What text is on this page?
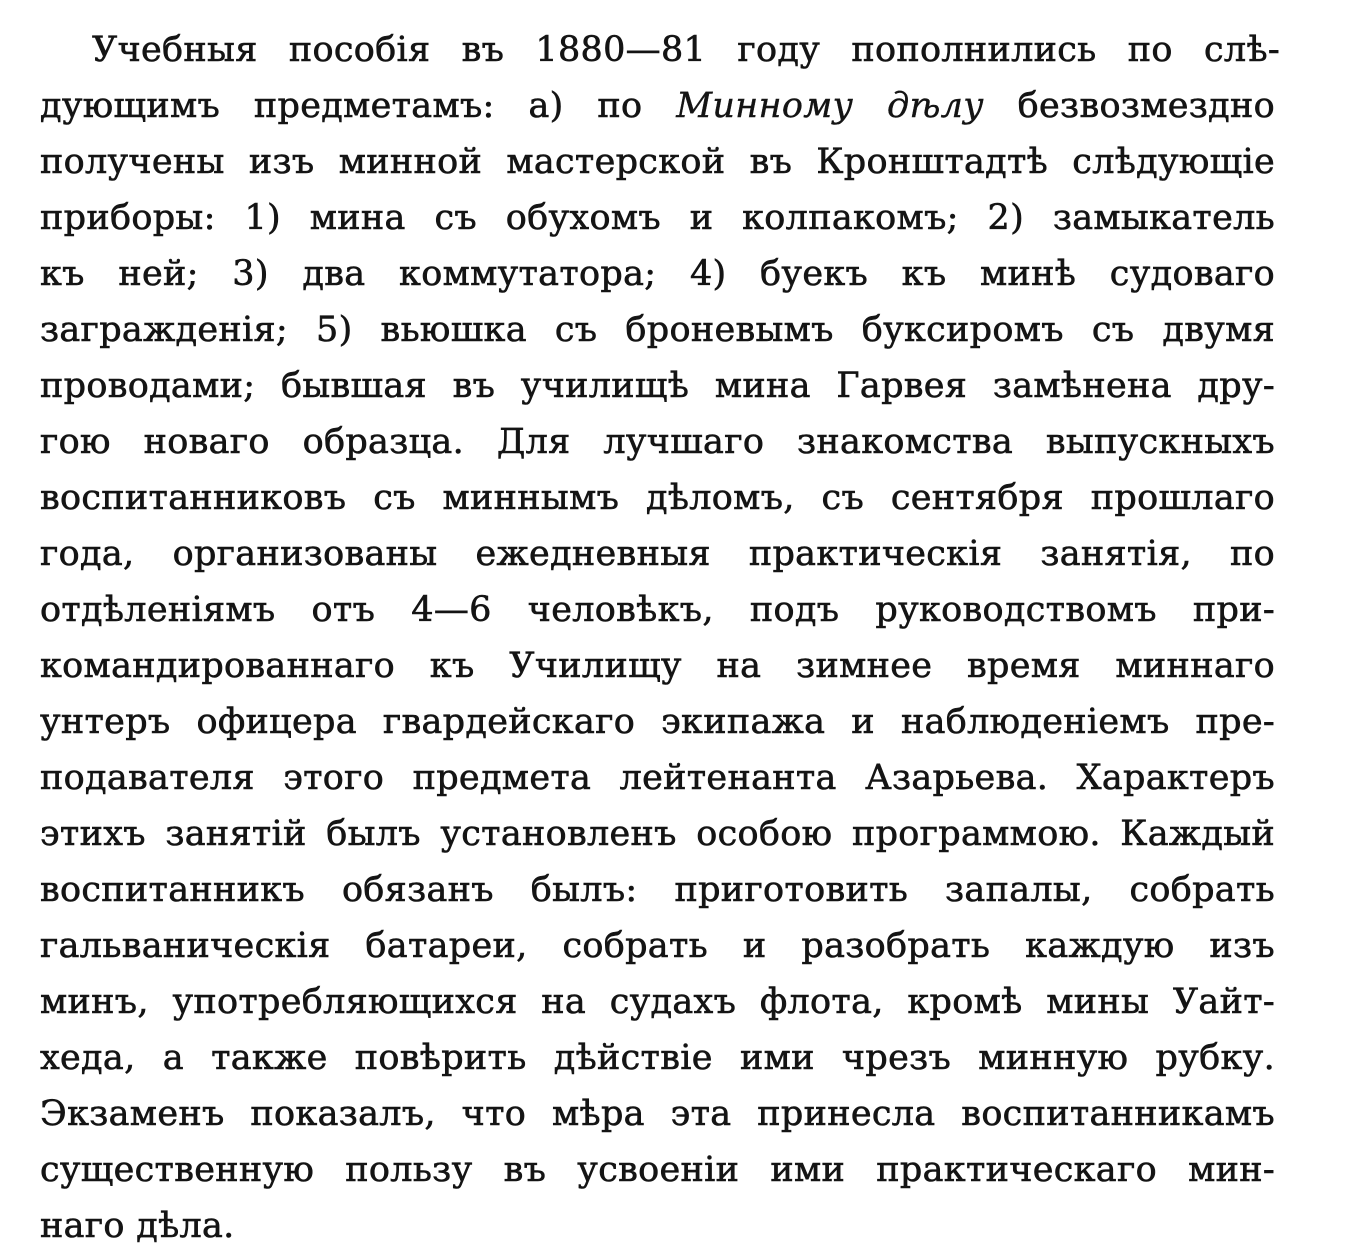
Учебныя пособія въ 1880—81 году пополнились по слѣ-
дующимъ предметамъ: а) по Минному дѣлу безвозмездно
получены изъ минной мастерской въ Кронштадтѣ слѣдующіе
приборы: 1) мина съ обухомъ и колпакомъ; 2) замыкатель
къ ней; 3) два коммутатора; 4) буекъ къ минѣ судоваго
загражденія; 5) вьюшка съ броневымъ буксиромъ съ двумя
проводами; бывшая въ училищѣ мина Гарвея замѣнена дру-
гою новаго образца. Для лучшаго знакомства выпускныхъ
воспитанниковъ съ миннымъ дѣломъ, съ сентября прошлаго
года, организованы ежедневныя практическія занятія, по
отдѣленіямъ отъ 4—6 человѣкъ, подъ руководствомъ при-
командированнаго къ Училищу на зимнее время миннаго
унтеръ офицера гвардейскаго экипажа и наблюденіемъ пре-
подавателя этого предмета лейтенанта Азарьева. Характеръ
этихъ занятій былъ установленъ особою программою. Каждый
воспитанникъ обязанъ былъ: приготовить запалы, собрать
гальваническія батареи, собрать и разобрать каждую изъ
минъ, употребляющихся на судахъ флота, кромѣ мины Уайт-
хеда, а также повѣрить дѣйствіе ими чрезъ минную рубку.
Экзаменъ показалъ, что мѣра эта принесла воспитанникамъ
существенную пользу въ усвоеніи ими практическаго мин-
наго дѣла.
